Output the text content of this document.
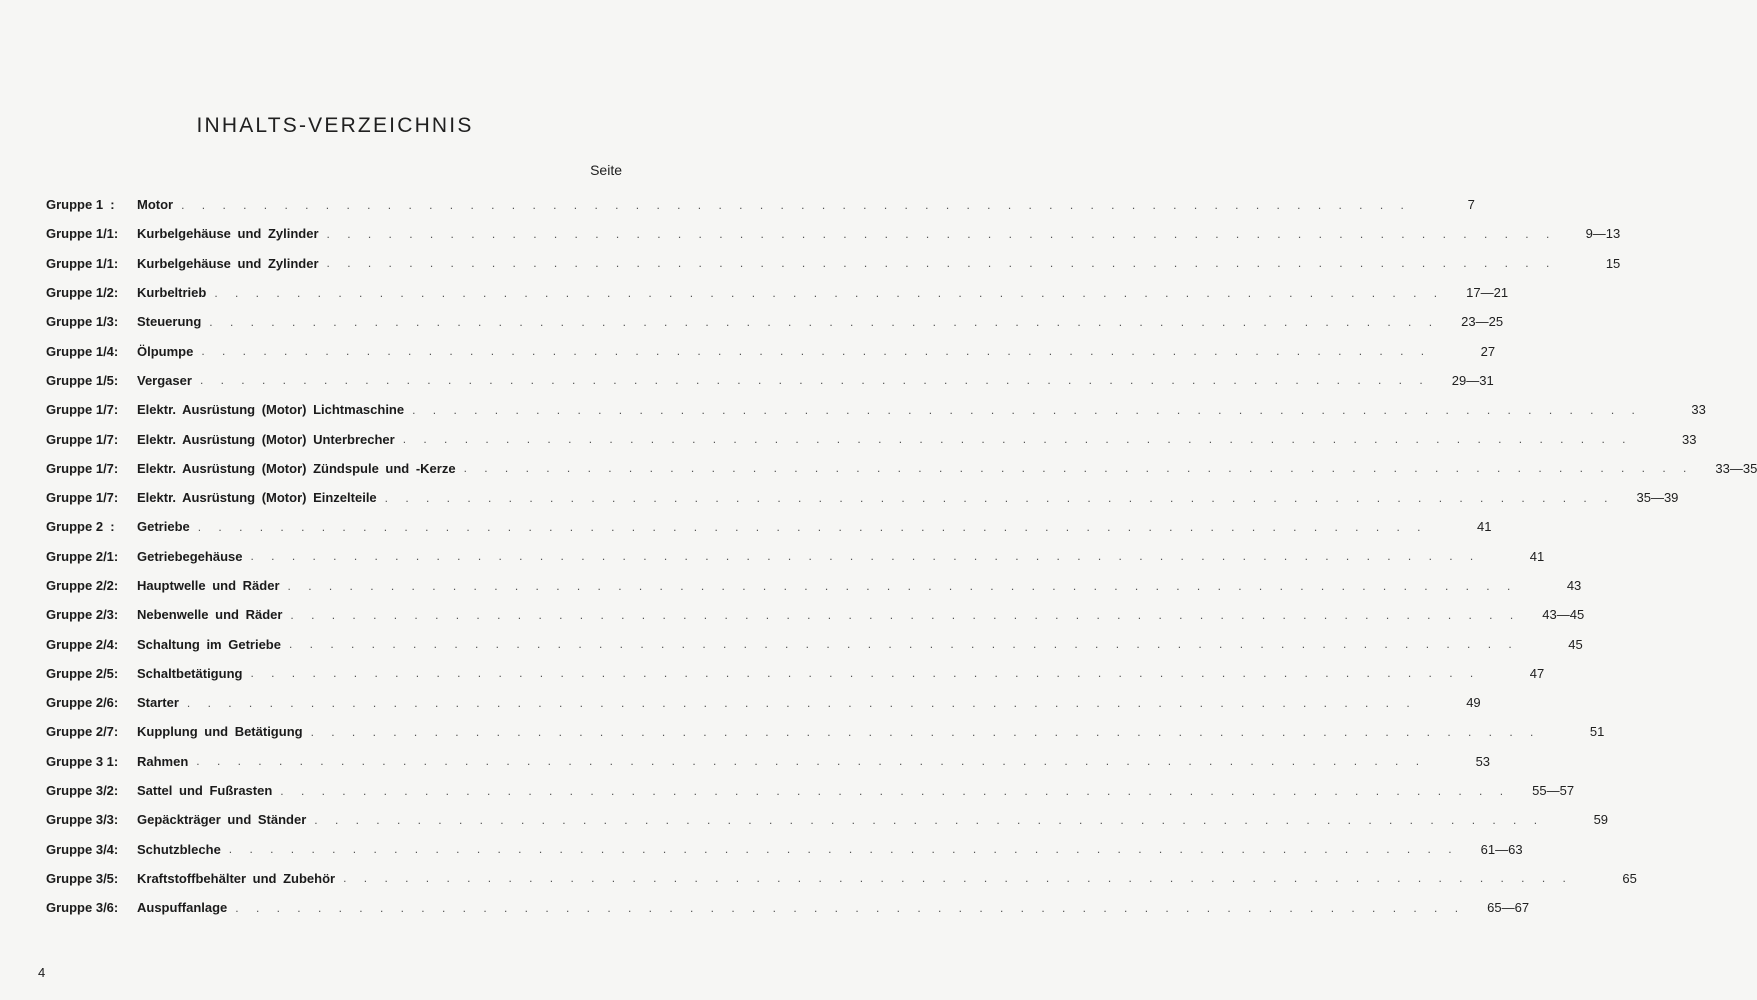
INHALTS-VERZEICHNIS
Seite
Gruppe 1  :	Motor . . . . . . . . . . . . . . . . . . . . . . . . . . . . . . . . . . . . . . . . . . . . . . . . . . . . . . . . . . . .	7
Gruppe 1/1:	Kurbelgehäuse und Zylinder . . . . . . . . . . . . . . . . . . . . . . . . . . . . . . . . . . . . . . . . . . . . . . . . . . . . . . . . . . . .	9—13
Gruppe 1/1:	Kurbelgehäuse und Zylinder . . . . . . . . . . . . . . . . . . . . . . . . . . . . . . . . . . . . . . . . . . . . . . . . . . . . . . . . . . . .	15
Gruppe 1/2:	Kurbeltrieb . . . . . . . . . . . . . . . . . . . . . . . . . . . . . . . . . . . . . . . . . . . . . . . . . . . . . . . . . . . .	17—21
Gruppe 1/3:	Steuerung . . . . . . . . . . . . . . . . . . . . . . . . . . . . . . . . . . . . . . . . . . . . . . . . . . . . . . . . . . . .	23—25
Gruppe 1/4:	Ölpumpe . . . . . . . . . . . . . . . . . . . . . . . . . . . . . . . . . . . . . . . . . . . . . . . . . . . . . . . . . . . .	27
Gruppe 1/5:	Vergaser . . . . . . . . . . . . . . . . . . . . . . . . . . . . . . . . . . . . . . . . . . . . . . . . . . . . . . . . . . . .	29—31
Gruppe 1/7:	Elektr. Ausrüstung (Motor) Lichtmaschine . . . . . . . . . . . . . . . . . . . . . . . . . . . . . . . . . . . . . . . . . . . . . . . . . . . . . . . . . . . .	33
Gruppe 1/7:	Elektr. Ausrüstung (Motor) Unterbrecher . . . . . . . . . . . . . . . . . . . . . . . . . . . . . . . . . . . . . . . . . . . . . . . . . . . . . . . . . . . .	33
Gruppe 1/7:	Elektr. Ausrüstung (Motor) Zündspule und -Kerze . . . . . . . . . . . . . . . . . . . . . . . . . . . . . . . . . . . . . . . . . . . . . . . . . . . . . . . . . . . .	33—35
Gruppe 1/7:	Elektr. Ausrüstung (Motor) Einzelteile . . . . . . . . . . . . . . . . . . . . . . . . . . . . . . . . . . . . . . . . . . . . . . . . . . . . . . . . . . . .	35—39
Gruppe 2  :	Getriebe . . . . . . . . . . . . . . . . . . . . . . . . . . . . . . . . . . . . . . . . . . . . . . . . . . . . . . . . . . . .	41
Gruppe 2/1:	Getriebegehäuse . . . . . . . . . . . . . . . . . . . . . . . . . . . . . . . . . . . . . . . . . . . . . . . . . . . . . . . . . . . .	41
Gruppe 2/2:	Hauptwelle und Räder . . . . . . . . . . . . . . . . . . . . . . . . . . . . . . . . . . . . . . . . . . . . . . . . . . . . . . . . . . . .	43
Gruppe 2/3:	Nebenwelle und Räder . . . . . . . . . . . . . . . . . . . . . . . . . . . . . . . . . . . . . . . . . . . . . . . . . . . . . . . . . . . .	43—45
Gruppe 2/4:	Schaltung im Getriebe . . . . . . . . . . . . . . . . . . . . . . . . . . . . . . . . . . . . . . . . . . . . . . . . . . . . . . . . . . . .	45
Gruppe 2/5:	Schaltbetätigung . . . . . . . . . . . . . . . . . . . . . . . . . . . . . . . . . . . . . . . . . . . . . . . . . . . . . . . . . . . .	47
Gruppe 2/6:	Starter . . . . . . . . . . . . . . . . . . . . . . . . . . . . . . . . . . . . . . . . . . . . . . . . . . . . . . . . . . . .	49
Gruppe 2/7:	Kupplung und Betätigung . . . . . . . . . . . . . . . . . . . . . . . . . . . . . . . . . . . . . . . . . . . . . . . . . . . . . . . . . . . .	51
Gruppe 3 1:	Rahmen . . . . . . . . . . . . . . . . . . . . . . . . . . . . . . . . . . . . . . . . . . . . . . . . . . . . . . . . . . . .	53
Gruppe 3/2:	Sattel und Fußrasten . . . . . . . . . . . . . . . . . . . . . . . . . . . . . . . . . . . . . . . . . . . . . . . . . . . . . . . . . . . .	55—57
Gruppe 3/3:	Gepäckträger und Ständer . . . . . . . . . . . . . . . . . . . . . . . . . . . . . . . . . . . . . . . . . . . . . . . . . . . . . . . . . . . .	59
Gruppe 3/4:	Schutzbleche . . . . . . . . . . . . . . . . . . . . . . . . . . . . . . . . . . . . . . . . . . . . . . . . . . . . . . . . . . . .	61—63
Gruppe 3/5:	Kraftstoffbehälter und Zubehör . . . . . . . . . . . . . . . . . . . . . . . . . . . . . . . . . . . . . . . . . . . . . . . . . . . . . . . . . . . .	65
Gruppe 3/6:	Auspuffanlage . . . . . . . . . . . . . . . . . . . . . . . . . . . . . . . . . . . . . . . . . . . . . . . . . . . . . . . . . . . .	65—67
4
